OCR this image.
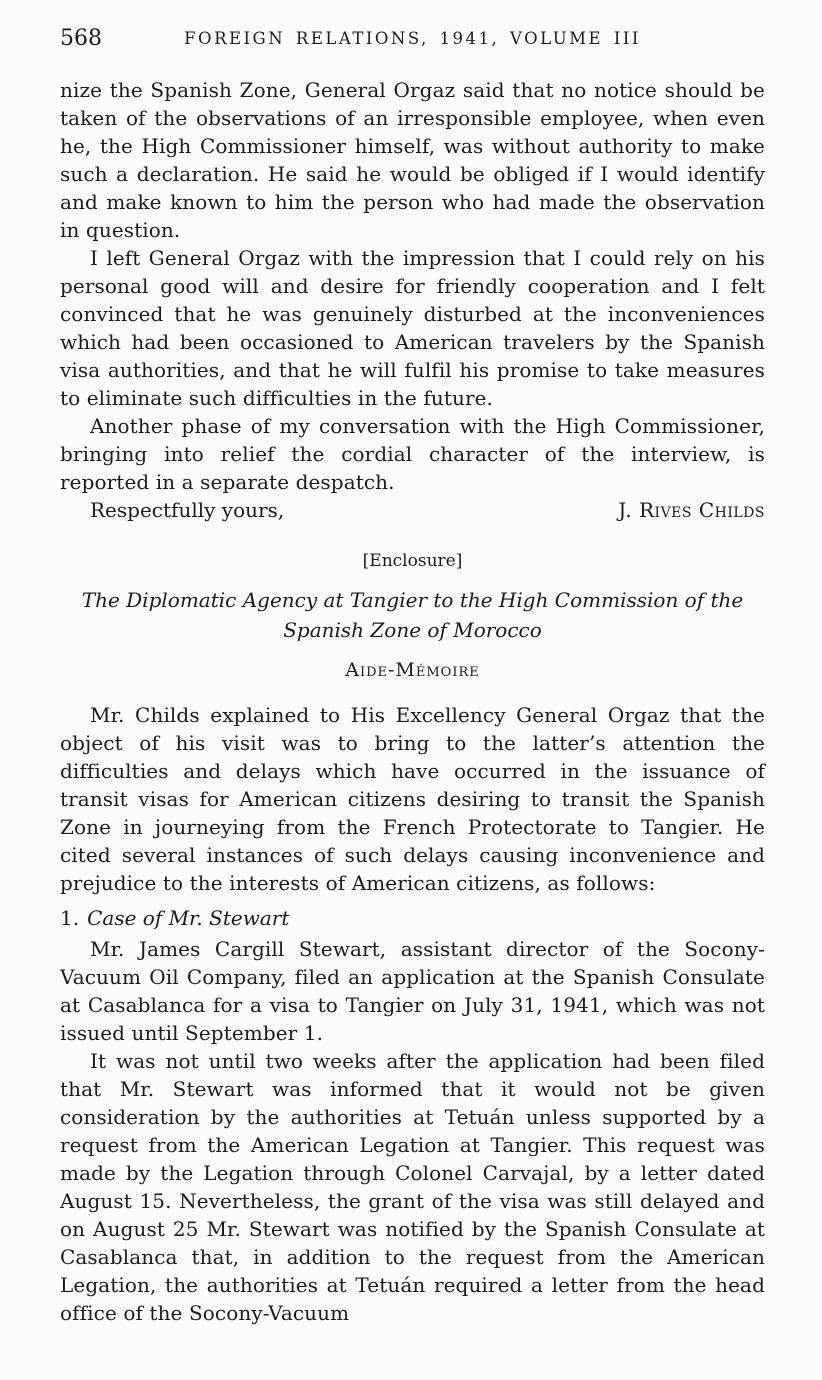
568	FOREIGN RELATIONS, 1941, VOLUME III

nize the Spanish Zone, General Orgaz said that no notice should be taken of the observations of an irresponsible employee, when even he, the High Commissioner himself, was without authority to make such a declaration. He said he would be obliged if I would identify and make known to him the person who had made the observation in question.

I left General Orgaz with the impression that I could rely on his personal good will and desire for friendly cooperation and I felt convinced that he was genuinely disturbed at the inconveniences which had been occasioned to American travelers by the Spanish visa authorities, and that he will fulfil his promise to take measures to eliminate such difficulties in the future.

Another phase of my conversation with the High Commissioner, bringing into relief the cordial character of the interview, is reported in a separate despatch.

Respectfully yours,	J. Rives Childs
[Enclosure]
The Diplomatic Agency at Tangier to the High Commission of the
Spanish Zone of Morocco
Aide-Mémoire

Mr. Childs explained to His Excellency General Orgaz that the object of his visit was to bring to the latter’s attention the difficulties and delays which have occurred in the issuance of transit visas for American citizens desiring to transit the Spanish Zone in journeying from the French Protectorate to Tangier. He cited several instances of such delays causing inconvenience and prejudice to the interests of American citizens, as follows:

1. Case of Mr. Stewart

Mr. James Cargill Stewart, assistant director of the Socony-Vacuum Oil Company, filed an application at the Spanish Consulate at Casablanca for a visa to Tangier on July 31, 1941, which was not issued until September 1.

It was not until two weeks after the application had been filed that Mr. Stewart was informed that it would not be given consideration by the authorities at Tetuán unless supported by a request from the American Legation at Tangier. This request was made by the Legation through Colonel Carvajal, by a letter dated August 15. Nevertheless, the grant of the visa was still delayed and on August 25 Mr. Stewart was notified by the Spanish Consulate at Casablanca that, in addition to the request from the American Legation, the authorities at Tetuán required a letter from the head office of the Socony-Vacuum
